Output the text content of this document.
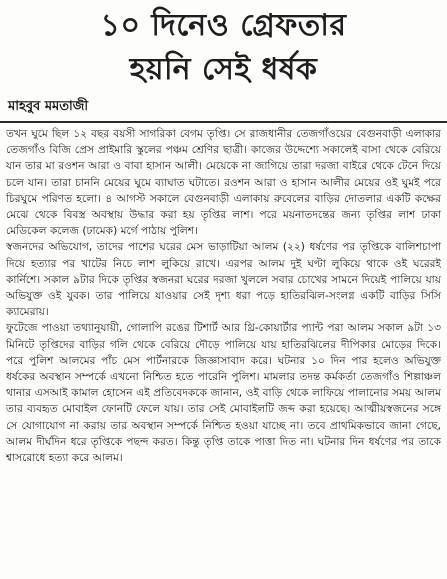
১০ দিনেও গ্রেফতার
হয়নি সেই ধর্ষক
মাহবুব মমতাজী

তখন ঘুমে ছিল ১২ বছর বয়সী সাগরিকা বেগম তৃপ্তি। সে রাজধানীর তেজগাঁওয়ের বেগুনবাড়ী এলাকার তেজগাঁও বিজি প্রেস প্রাইমারি স্কুলের পঞ্চম শ্রেণির ছাত্রী। কাজের উদ্দেশ্যে সকালেই বাসা থেকে বেরিয়ে যান তার মা রওশন আরা ও বাবা হাসান আলী। মেয়েকে না জাগিয়ে তারা দরজা বাইরে থেকে টেনে দিয়ে চলে যান। তারা চাননি মেয়ের ঘুমে ব্যাঘাত ঘটাতে। রওশন আরা ও হাসান আলীর মেয়ের ওই ঘুমই পরে চিরঘুমে পরিণত হলো। ৪ আগস্ট সকালে বেগুনবাড়ী এলাকায় রুবেলের বাড়ির দোতলার একটি কক্ষের মেঝে থেকে বিবস্ত্র অবস্থায় উদ্ধার করা হয় তৃপ্তির লাশ। পরে ময়নাতদন্তের জন্য তৃপ্তির লাশ ঢাকা মেডিকেল কলেজ (ঢামেক) মর্গে পাঠায় পুলিশ।

স্বজনদের অভিযোগ, তাদের পাশের ঘরের মেস ভাড়াটিয়া আলম (২২) ধর্ষণের পর তৃপ্তিকে বালিশচাপা দিয়ে হত্যার পর খাটের নিচে লাশ লুকিয়ে রাখে। এরপর আলম দুই ঘণ্টা লুকিয়ে থাকে ওই ঘরেরই কার্নিশে। সকাল ৯টার দিকে তৃপ্তির স্বজনরা ঘরের দরজা খুললে সবার চোখের সামনে দিয়েই পালিয়ে যায় অভিযুক্ত ওই যুবক। তার পালিয়ে যাওয়ার সেই দৃশ্য ধরা পড়ে হাতিরঝিল-সংলগ্ন একটি বাড়ির সিসি ক্যামেরায়।

ফুটেজে পাওয়া তথ্যানুযায়ী, গোলাপি রঙের টিশার্ট আর থ্রি-কোয়ার্টার প্যান্ট পরা আলম সকাল ৯টা ১৩ মিনিটে তৃপ্তিদের বাড়ির গলি থেকে বেরিয়ে দৌড়ে পালিয়ে যায় হাতিরঝিলের দীপিকার মোড়ের দিকে। পরে পুলিশ আলমের পাঁচ মেস পার্টনারকে জিজ্ঞাসাবাদ করে। ঘটনার ১০ দিন পার হলেও অভিযুক্ত ধর্ষকের অবস্থান সম্পর্কে এখনো নিশ্চিত হতে পারেনি পুলিশ। মামলার তদন্ত কর্মকর্তা তেজগাঁও শিল্পাঞ্চল থানার এসআই কামাল হোসেন এই প্রতিবেদককে জানান, ওই বাড়ি থেকে লাফিয়ে পালানোর সময় আলম তার ব্যবহৃত মোবাইল ফোনটি ফেলে যায়। তার সেই মোবাইলটি জব্দ করা হয়েছে। আত্মীয়স্বজনের সঙ্গে সে যোগাযোগ না করায় তার অবস্থান সম্পর্কে নিশ্চিত হওয়া যাচ্ছে না। তবে প্রাথমিকভাবে জানা গেছে, আলম দীর্ঘদিন ধরে তৃপ্তিকে পছন্দ করত। কিন্তু তৃপ্তি তাকে পাত্তা দিত না। ঘটনার দিন ধর্ষণের পর তাকে শ্বাসরোধে হত্যা করে আলম।
